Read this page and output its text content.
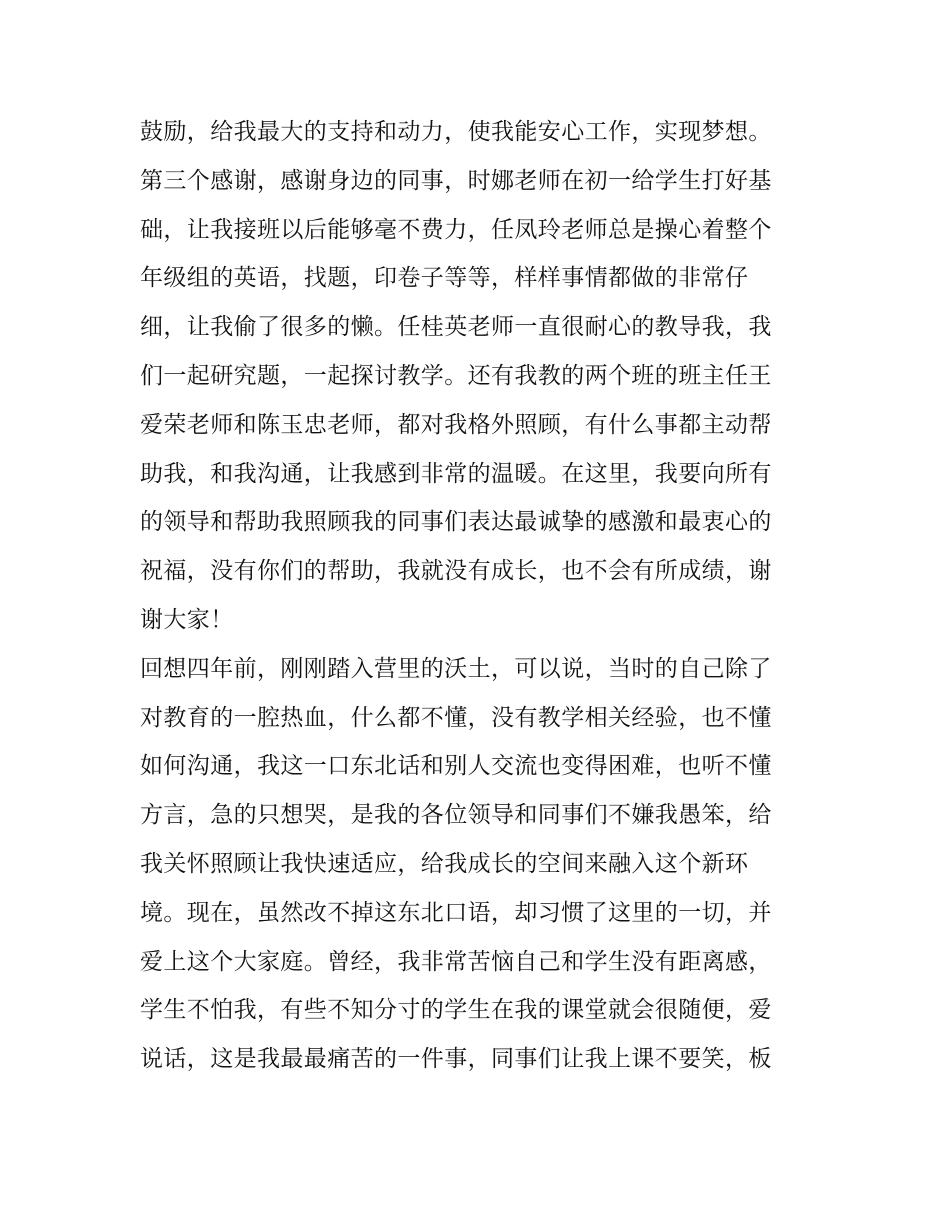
鼓励，给我最大的支持和动力，使我能安心工作，实现梦想。
第三个感谢，感谢身边的同事，时娜老师在初一给学生打好基
础，让我接班以后能够毫不费力，任凤玲老师总是操心着整个
年级组的英语，找题，印卷子等等，样样事情都做的非常仔
细，让我偷了很多的懒。任桂英老师一直很耐心的教导我，我
们一起研究题，一起探讨教学。还有我教的两个班的班主任王
爱荣老师和陈玉忠老师，都对我格外照顾，有什么事都主动帮
助我，和我沟通，让我感到非常的温暖。在这里，我要向所有
的领导和帮助我照顾我的同事们表达最诚挚的感激和最衷心的
祝福，没有你们的帮助，我就没有成长，也不会有所成绩，谢
谢大家！
回想四年前，刚刚踏入营里的沃土，可以说，当时的自己除了
对教育的一腔热血，什么都不懂，没有教学相关经验，也不懂
如何沟通，我这一口东北话和别人交流也变得困难，也听不懂
方言，急的只想哭，是我的各位领导和同事们不嫌我愚笨，给
我关怀照顾让我快速适应，给我成长的空间来融入这个新环
境。现在，虽然改不掉这东北口语，却习惯了这里的一切，并
爱上这个大家庭。曾经，我非常苦恼自己和学生没有距离感，
学生不怕我，有些不知分寸的学生在我的课堂就会很随便，爱
说话，这是我最最痛苦的一件事，同事们让我上课不要笑，板
